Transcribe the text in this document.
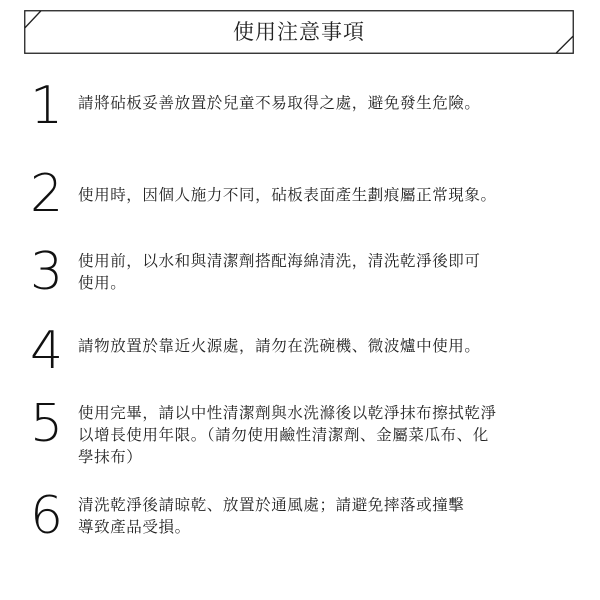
使用注意事項
1 請將砧板妥善放置於兒童不易取得之處，避免發生危險。
2 使用時，因個人施力不同，砧板表面產生劃痕屬正常現象。
3 使用前，以水和與清潔劑搭配海綿清洗，清洗乾淨後即可
使用。
4 請物放置於靠近火源處，請勿在洗碗機、微波爐中使用。
5 使用完畢，請以中性清潔劑與水洗滌後以乾淨抹布擦拭乾淨
以增長使用年限。（請勿使用鹼性清潔劑、金屬菜瓜布、化
學抹布）
6 清洗乾淨後請晾乾、放置於通風處；請避免摔落或撞擊
導致產品受損。
